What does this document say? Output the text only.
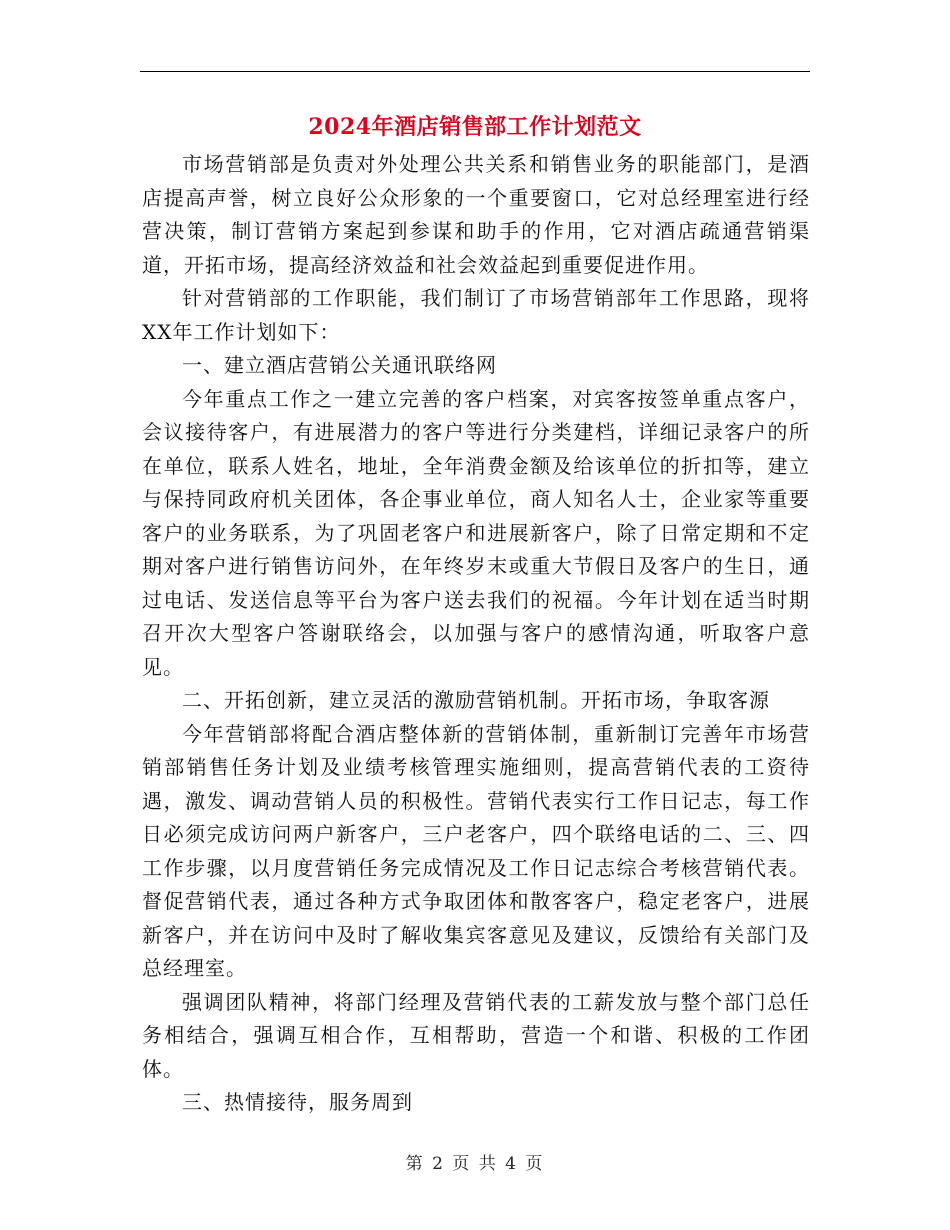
2024年酒店销售部工作计划范文

市场营销部是负责对外处理公共关系和销售业务的职能部门，是酒店提高声誉，树立良好公众形象的一个重要窗口，它对总经理室进行经营决策，制订营销方案起到参谋和助手的作用，它对酒店疏通营销渠道，开拓市场，提高经济效益和社会效益起到重要促进作用。

针对营销部的工作职能，我们制订了市场营销部年工作思路，现将XX年工作计划如下：

一、建立酒店营销公关通讯联络网

今年重点工作之一建立完善的客户档案，对宾客按签单重点客户，会议接待客户，有进展潜力的客户等进行分类建档，详细记录客户的所在单位，联系人姓名，地址，全年消费金额及给该单位的折扣等，建立与保持同政府机关团体，各企事业单位，商人知名人士，企业家等重要客户的业务联系，为了巩固老客户和进展新客户，除了日常定期和不定期对客户进行销售访问外，在年终岁末或重大节假日及客户的生日，通过电话、发送信息等平台为客户送去我们的祝福。今年计划在适当时期召开次大型客户答谢联络会，以加强与客户的感情沟通，听取客户意见。

二、开拓创新，建立灵活的激励营销机制。开拓市场，争取客源

今年营销部将配合酒店整体新的营销体制，重新制订完善年市场营销部销售任务计划及业绩考核管理实施细则，提高营销代表的工资待遇，激发、调动营销人员的积极性。营销代表实行工作日记志，每工作日必须完成访问两户新客户，三户老客户，四个联络电话的二、三、四工作步骤，以月度营销任务完成情况及工作日记志综合考核营销代表。督促营销代表，通过各种方式争取团体和散客客户，稳定老客户，进展新客户，并在访问中及时了解收集宾客意见及建议，反馈给有关部门及总经理室。

强调团队精神，将部门经理及营销代表的工薪发放与整个部门总任务相结合，强调互相合作，互相帮助，营造一个和谐、积极的工作团体。

三、热情接待，服务周到

第 2 页 共 4 页
